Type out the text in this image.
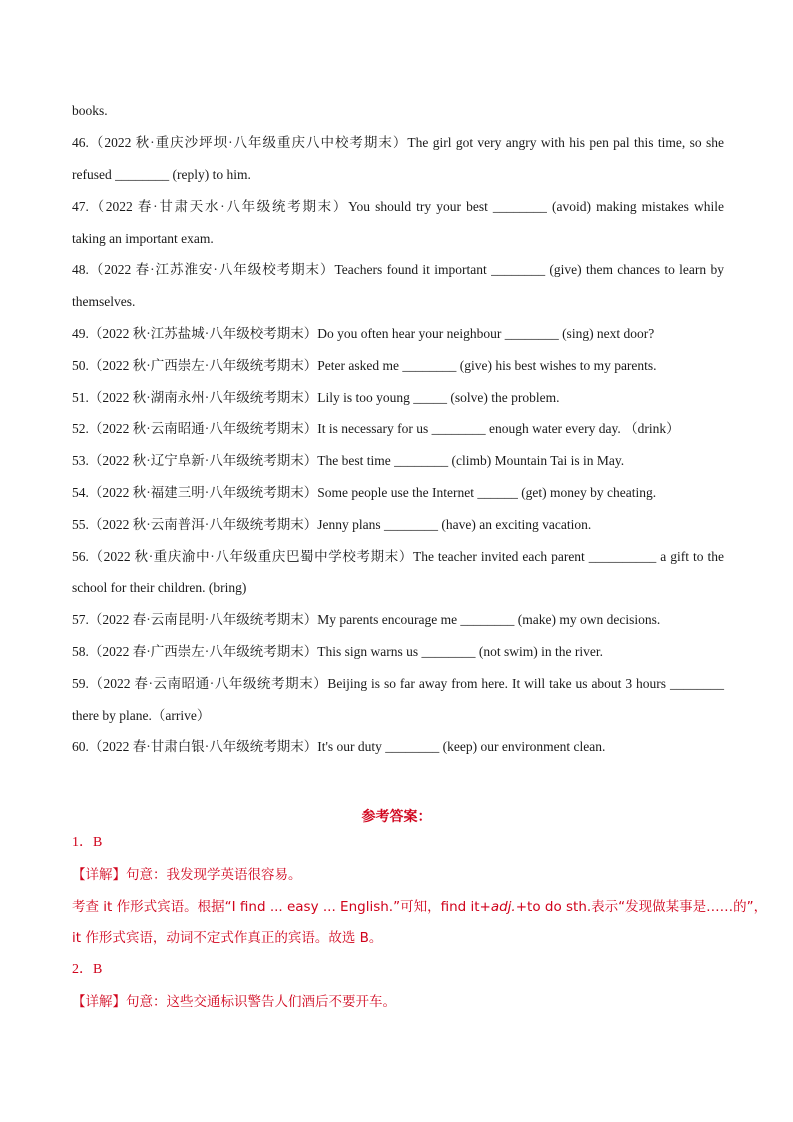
books.
46.（2022 秋·重庆沙坪坝·八年级重庆八中校考期末）The girl got very angry with his pen pal this time, so she
refused ________ (reply) to him.
47.（2022 春·甘肃天水·八年级统考期末）You should try your best ________ (avoid) making mistakes while
taking an important exam.
48.（2022 春·江苏淮安·八年级校考期末）Teachers found it important ________ (give) them chances to learn by
themselves.
49.（2022 秋·江苏盐城·八年级校考期末）Do you often hear your neighbour ________ (sing) next door?
50.（2022 秋·广西崇左·八年级统考期末）Peter asked me ________ (give) his best wishes to my parents.
51.（2022 秋·湖南永州·八年级统考期末）Lily is too young _____ (solve) the problem.
52.（2022 秋·云南昭通·八年级统考期末）It is necessary for us ________ enough water every day. （drink）
53.（2022 秋·辽宁阜新·八年级统考期末）The best time ________ (climb) Mountain Tai is in May.
54.（2022 秋·福建三明·八年级统考期末）Some people use the Internet ______ (get) money by cheating.
55.（2022 秋·云南普洱·八年级统考期末）Jenny plans ________ (have) an exciting vacation.
56.（2022 秋·重庆渝中·八年级重庆巴蜀中学校考期末）The teacher invited each parent __________ a gift to the
school for their children. (bring)
57.（2022 春·云南昆明·八年级统考期末）My parents encourage me ________ (make) my own decisions.
58.（2022 春·广西崇左·八年级统考期末）This sign warns us ________ (not swim) in the river.
59.（2022 春·云南昭通·八年级统考期末）Beijing is so far away from here. It will take us about 3 hours ________
there by plane.（arrive）
60.（2022 春·甘肃白银·八年级统考期末）It's our duty ________ (keep) our environment clean.
参考答案：
1．B
【详解】句意：我发现学英语很容易。
考查 it 作形式宾语。根据“I find ... easy ... English.”可知，find it+adj.+to do sth.表示“发现做某事是……的”，
it 作形式宾语，动词不定式作真正的宾语。故选 B。
2．B
【详解】句意：这些交通标识警告人们酒后不要开车。
